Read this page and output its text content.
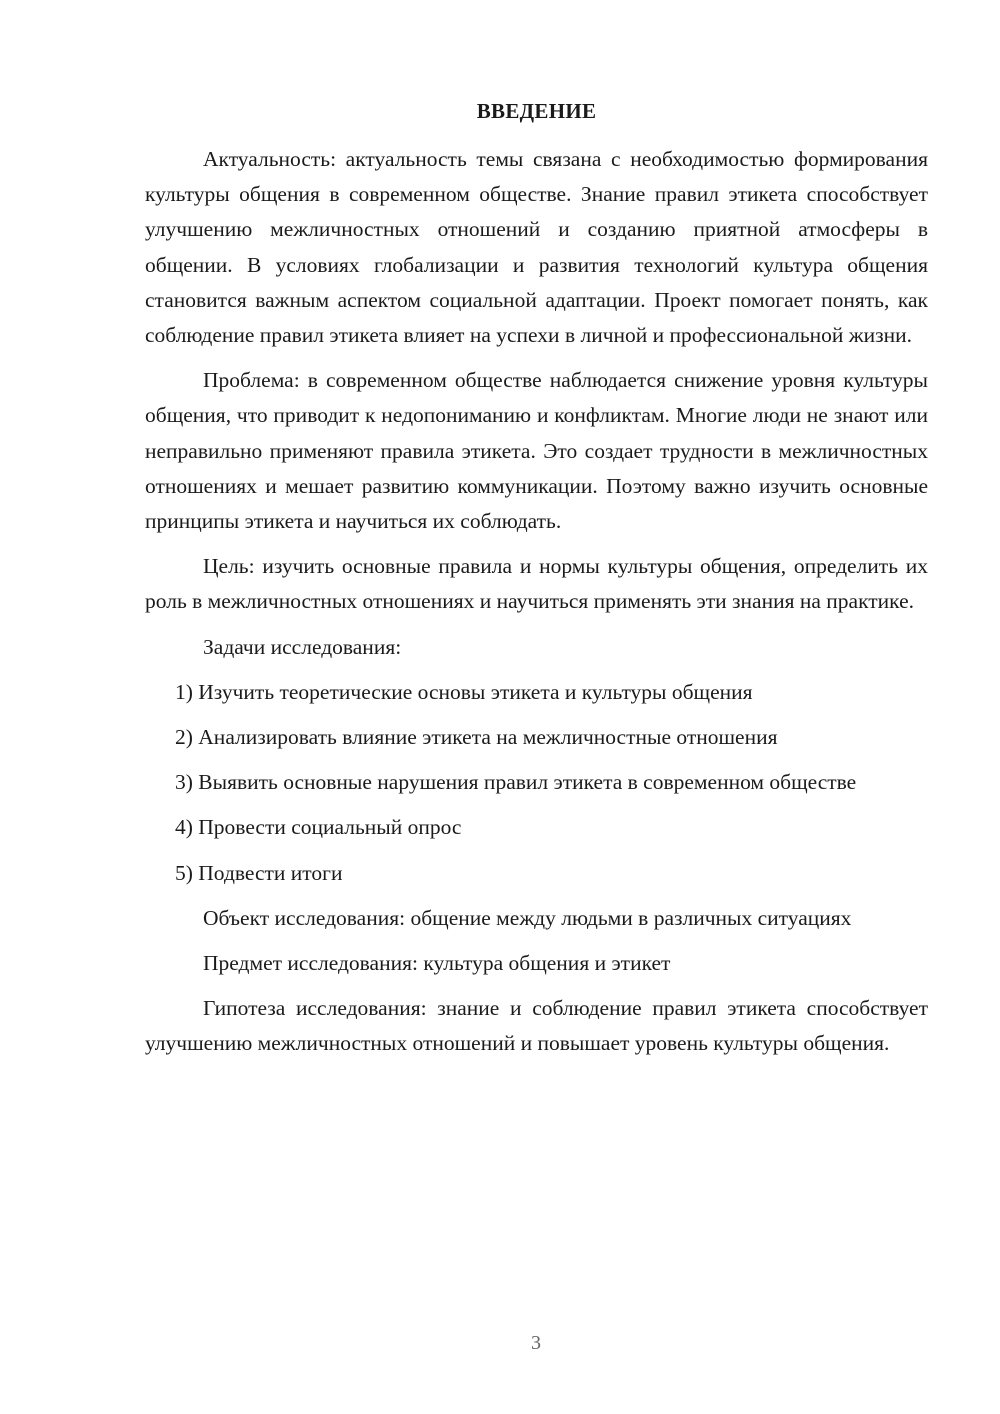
ВВЕДЕНИЕ

Актуальность: актуальность темы связана с необходимостью формирования культуры общения в современном обществе. Знание правил этикета способствует улучшению межличностных отношений и созданию приятной атмосферы в общении. В условиях глобализации и развития технологий культура общения становится важным аспектом социальной адаптации. Проект помогает понять, как соблюдение правил этикета влияет на успехи в личной и профессиональной жизни.

Проблема: в современном обществе наблюдается снижение уровня культуры общения, что приводит к недопониманию и конфликтам. Многие люди не знают или неправильно применяют правила этикета. Это создает трудности в межличностных отношениях и мешает развитию коммуникации. Поэтому важно изучить основные принципы этикета и научиться их соблюдать.

Цель: изучить основные правила и нормы культуры общения, определить их роль в межличностных отношениях и научиться применять эти знания на практике.

Задачи исследования:

1) Изучить теоретические основы этикета и культуры общения

2) Анализировать влияние этикета на межличностные отношения

3) Выявить основные нарушения правил этикета в современном обществе

4) Провести социальный опрос

5) Подвести итоги

Объект исследования: общение между людьми в различных ситуациях

Предмет исследования: культура общения и этикет

Гипотеза исследования: знание и соблюдение правил этикета способствует улучшению межличностных отношений и повышает уровень культуры общения.

3
